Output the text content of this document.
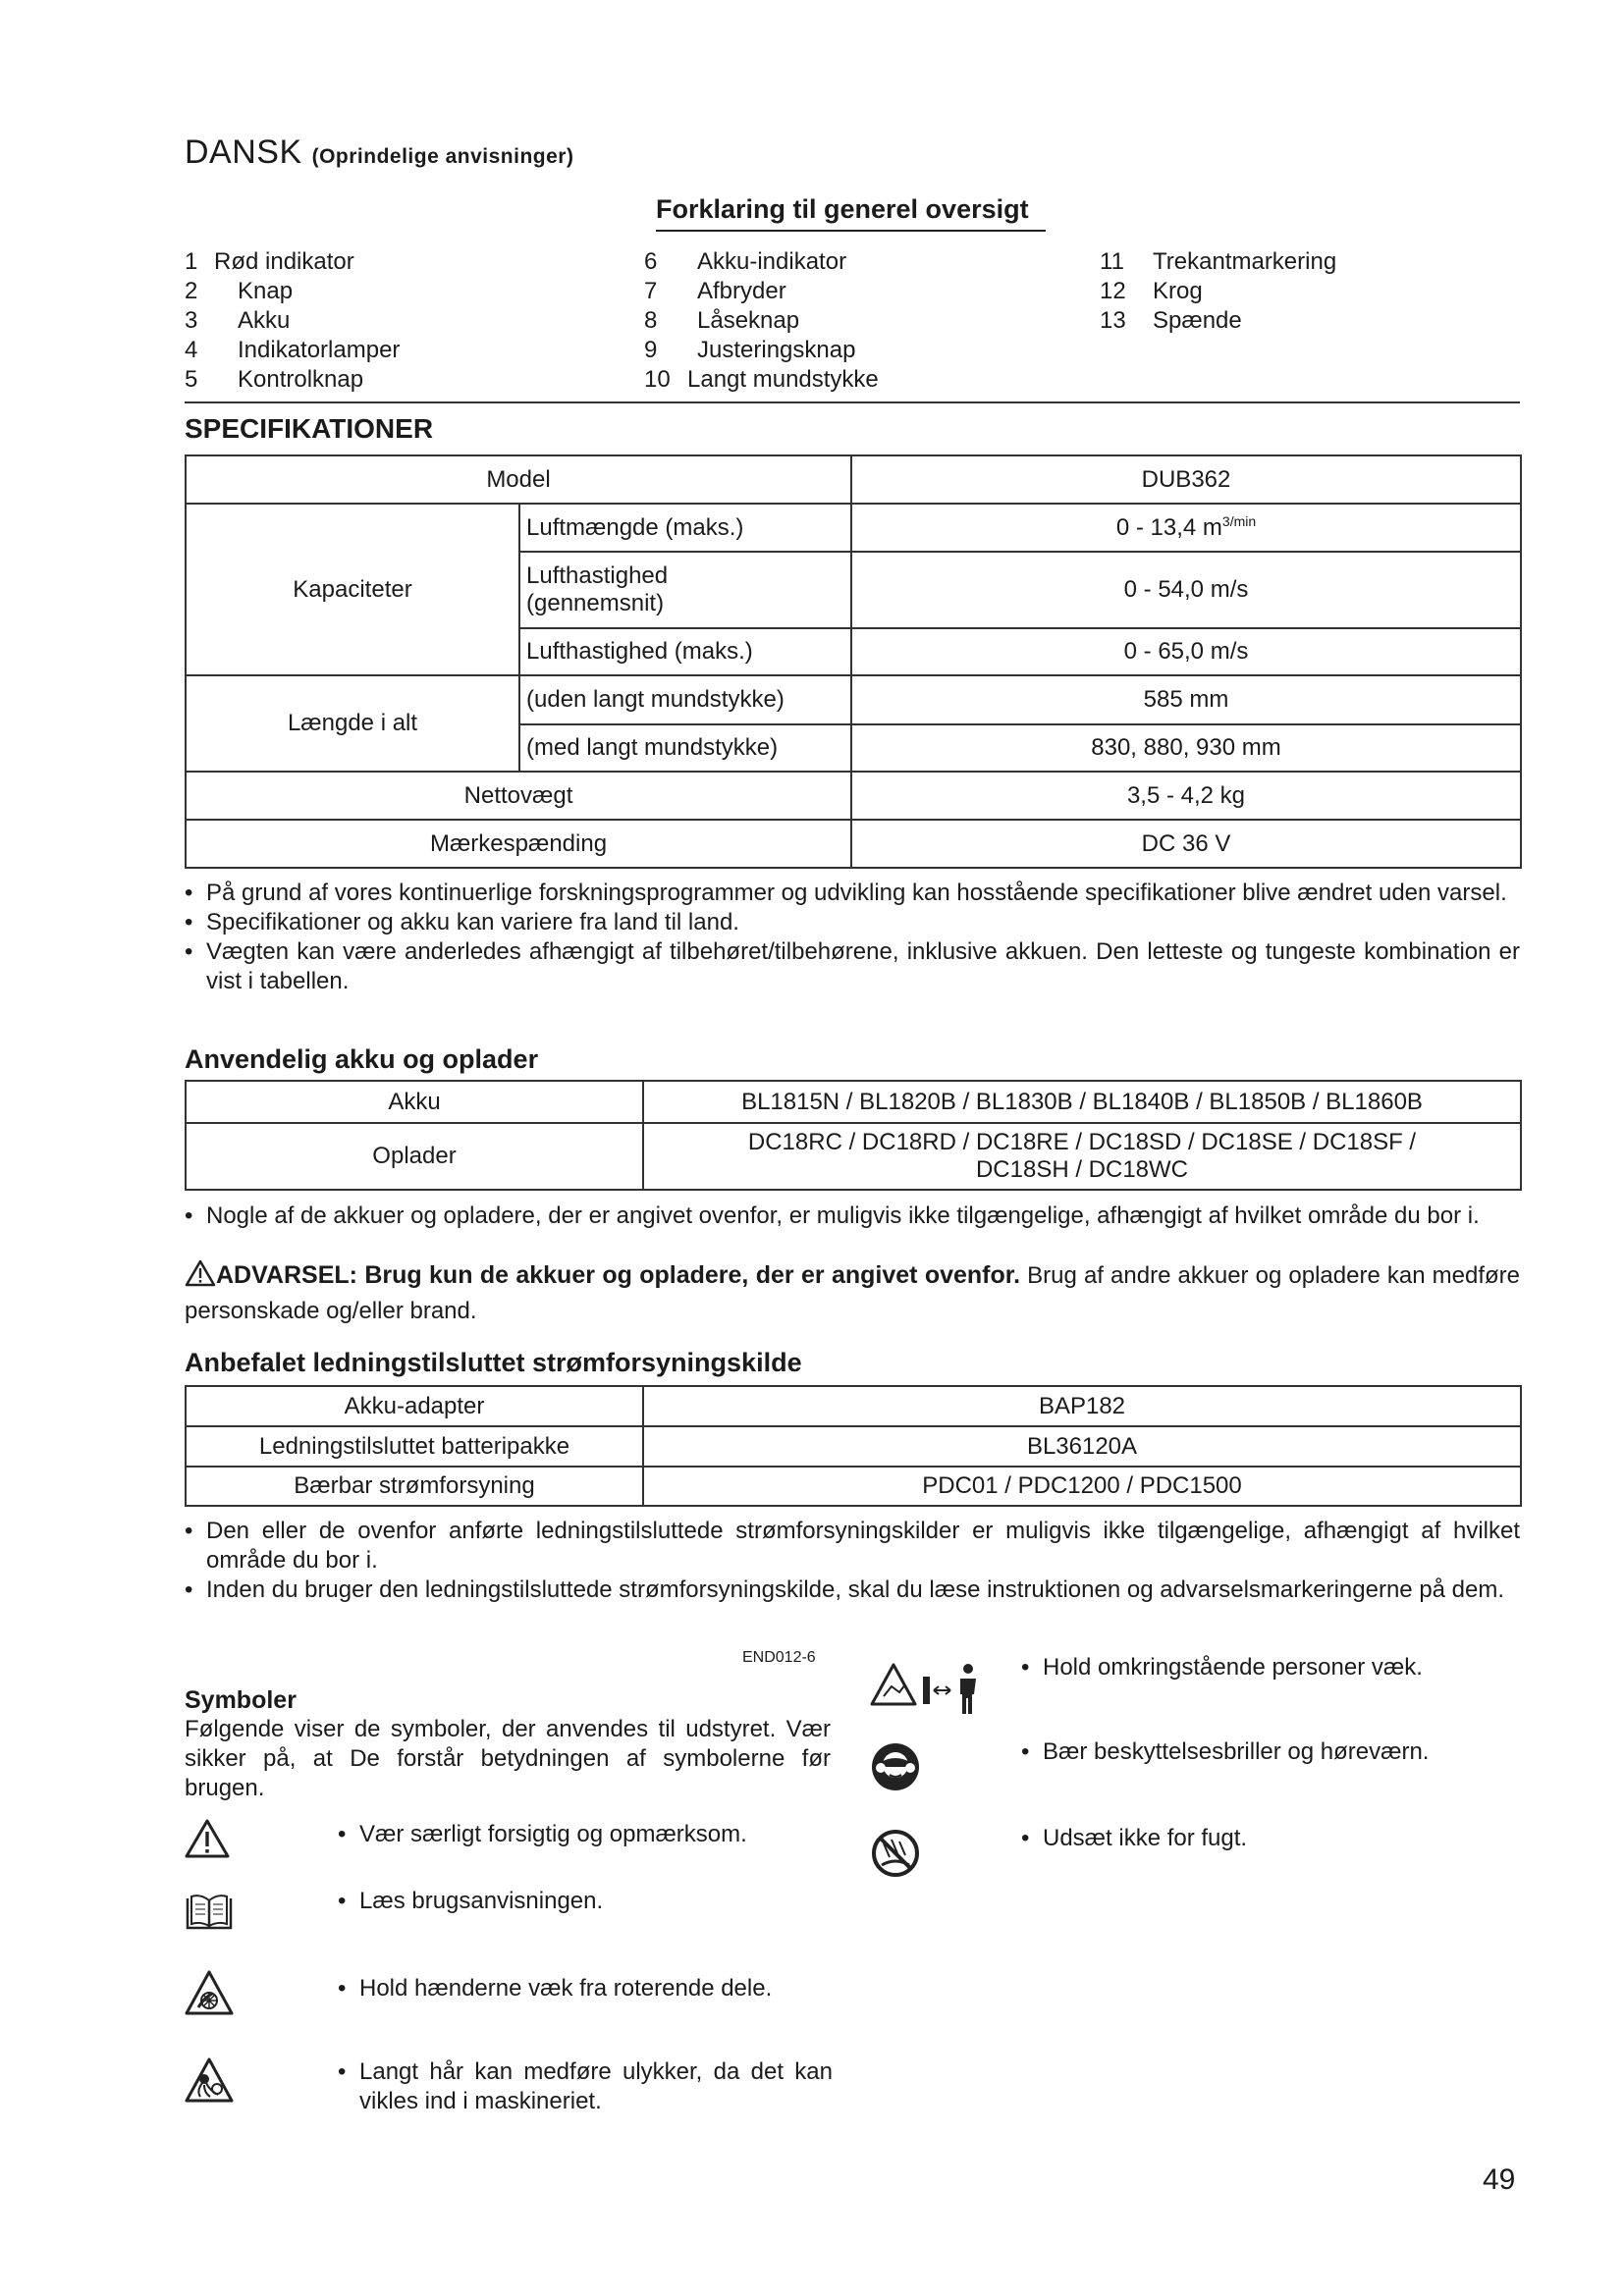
DANSK (Oprindelige anvisninger)
Forklaring til generel oversigt
1 Rød indikator
2	Knap
3	Akku
4	Indikatorlamper
5	Kontrolknap
6	Akku-indikator
7	Afbryder
8	Låseknap
9	Justeringsknap
10 Langt mundstykke
11	Trekantmarkering
12	Krog
13	Spænde
SPECIFIKATIONER
Model		DUB362
Kapaciteter	Luftmængde (maks.)	0 - 13,4 $m^{3/min}$

	Lufthastighed
(gennemsnit)	0 - 54,0 m/s
	Lufthastighed (maks.)	0 - 65,0 m/s
Længde i alt	(uden langt mundstykke)	585 mm
	(med langt mundstykke)	830, 880, 930 mm
Nettovægt		3,5 - 4,2 kg
Mærkespænding		DC 36 V

• På grund af vores kontinuerlige forskningsprogrammer og udvikling kan hosstående specifikationer blive ændret uden varsel.

• Specifikationer og akku kan variere fra land til land.

• Vægten kan være anderledes afhængigt af tilbehøret/tilbehørene, inklusive akkuen. Den letteste og tungeste kombination er vist i tabellen.

Anvendelig akku og oplader
Akku	BL1815N / BL1820B / BL1830B / BL1840B / BL1850B / BL1860B
Oplader	DC18RC / DC18RD / DC18RE / DC18SD / DC18SE / DC18SF /
DC18SH / DC18WC

• Nogle af de akkuer og opladere, der er angivet ovenfor, er muligvis ikke tilgængelige, afhængigt af hvilket område du bor i.

ADVARSEL: Brug kun de akkuer og opladere, der er angivet ovenfor. Brug af andre akkuer og opladere kan medføre personskade og/eller brand.
Anbefalet ledningstilsluttet strømforsyningskilde
Akku-adapter	BAP182
Ledningstilsluttet batteripakke	BL36120A
Bærbar strømforsyning	PDC01 / PDC1200 / PDC1500

• Den eller de ovenfor anførte ledningstilsluttede strømforsyningskilder er muligvis ikke tilgængelige, afhængigt af hvilket område du bor i.

• Inden du bruger den ledningstilsluttede strømforsyningskilde, skal du læse instruktionen og advarselsmarkeringerne på dem.

END012-6
Symboler
Følgende viser de symboler, der anvendes til udstyret. Vær sikker på, at De forstår betydningen af symbolerne før brugen.
• Vær særligt forsigtig og opmærksom.
• Læs brugsanvisningen.
• Hold hænderne væk fra roterende dele.
• Langt hår kan medføre ulykker, da det kan vikles ind i maskineriet.
• Hold omkringstående personer væk.
• Bær beskyttelsesbriller og høreværn.
• Udsæt ikke for fugt.
49
